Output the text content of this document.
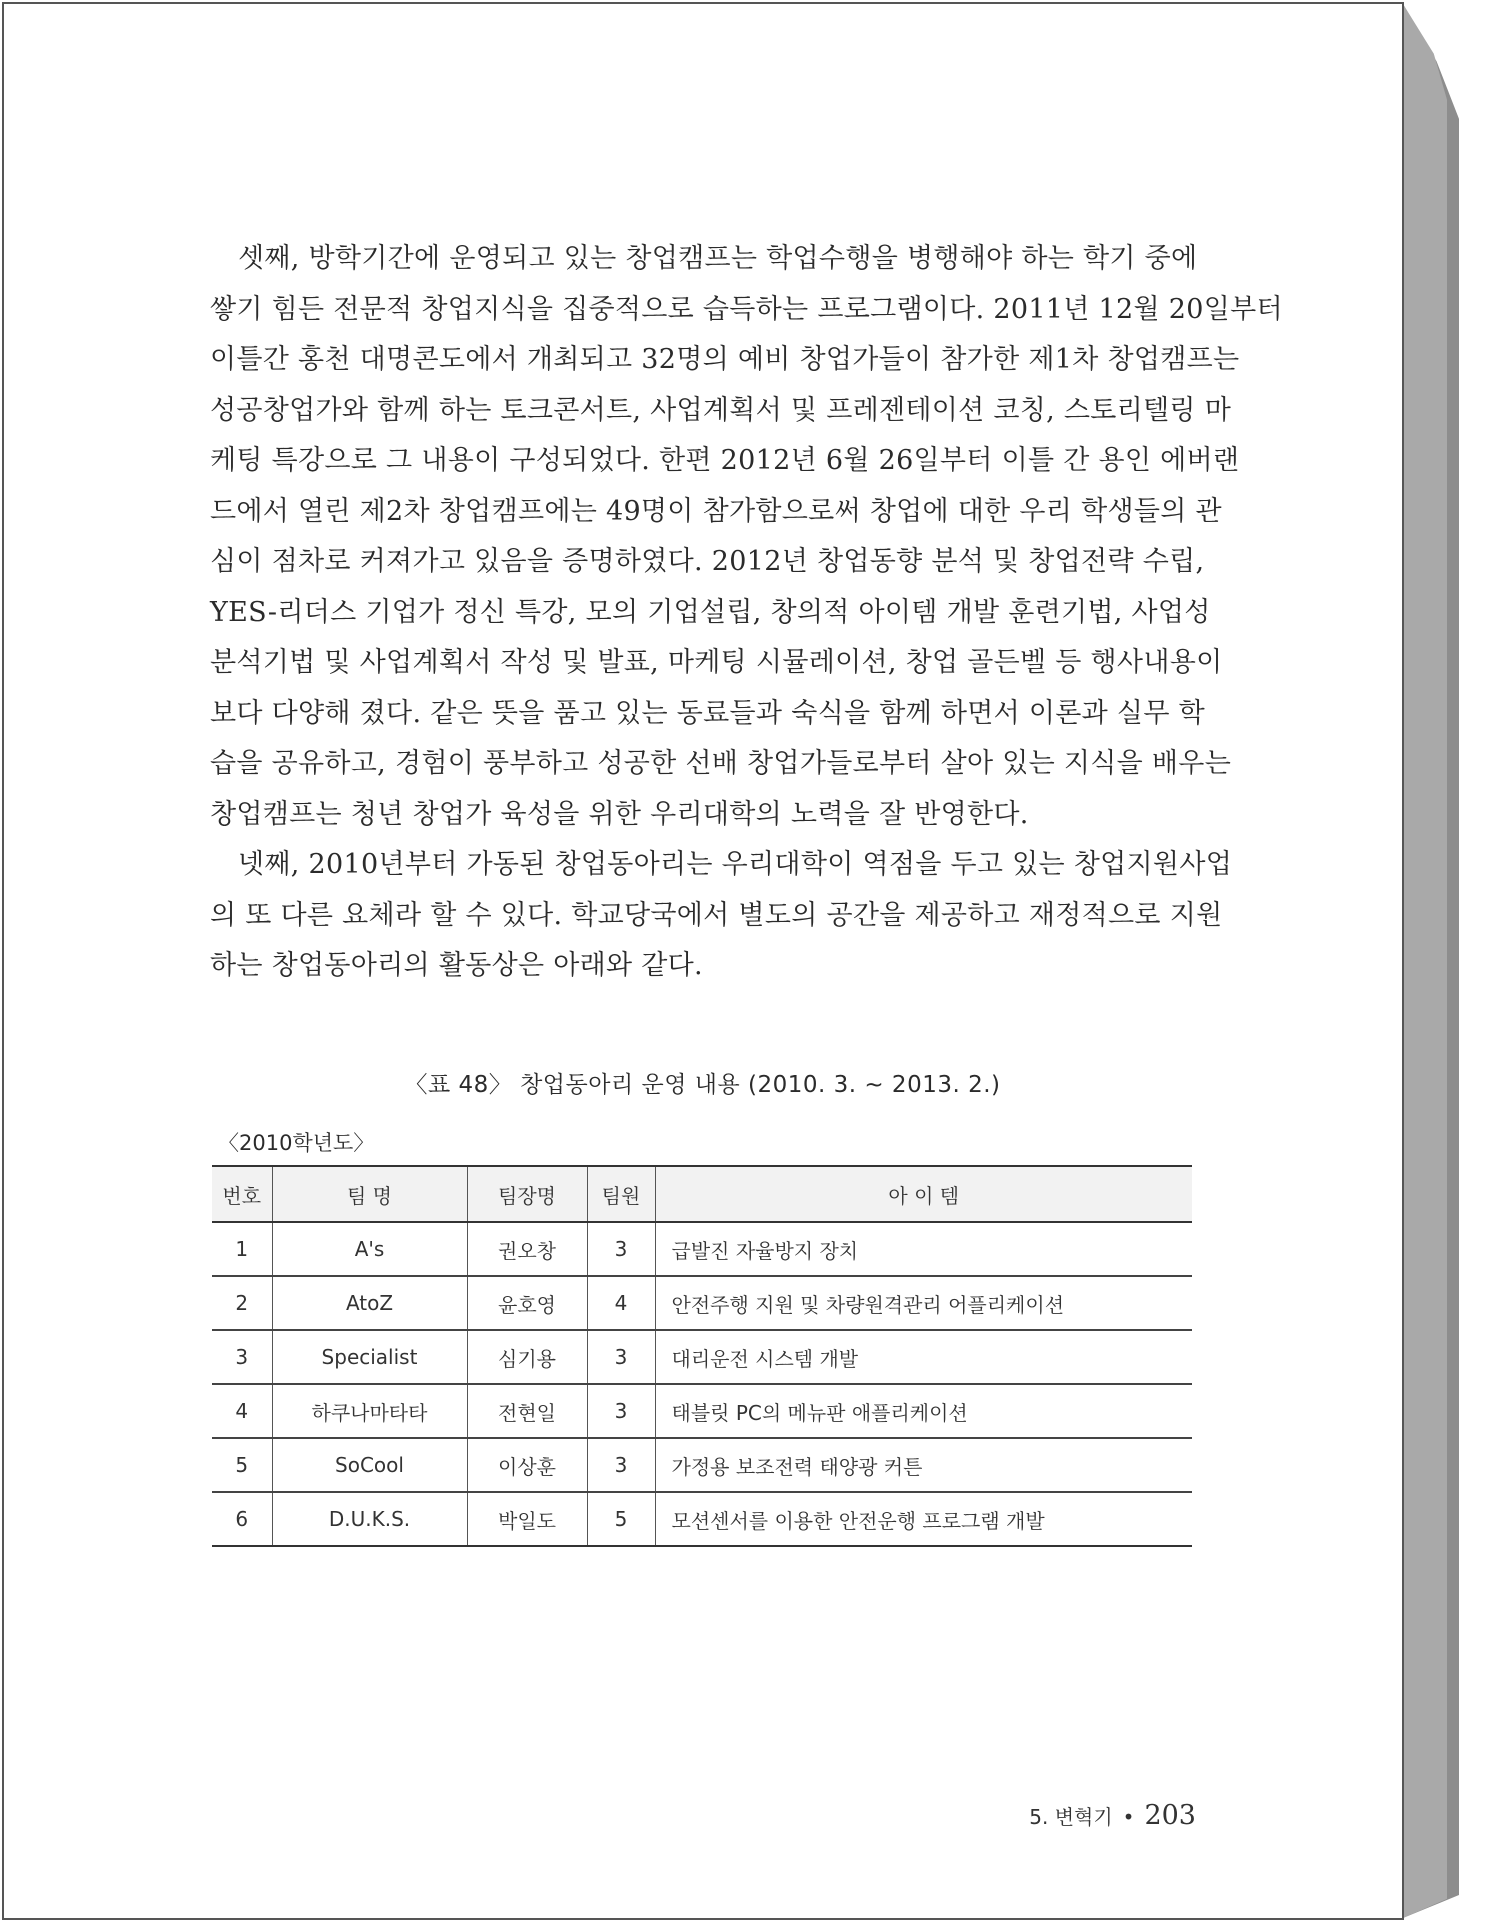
셋째, 방학기간에 운영되고 있는 창업캠프는 학업수행을 병행해야 하는 학기 중에
쌓기 힘든 전문적 창업지식을 집중적으로 습득하는 프로그램이다. 2011년 12월 20일부터
이틀간 홍천 대명콘도에서 개최되고 32명의 예비 창업가들이 참가한 제1차 창업캠프는
성공창업가와 함께 하는 토크콘서트, 사업계획서 및 프레젠테이션 코칭, 스토리텔링 마
케팅 특강으로 그 내용이 구성되었다. 한편 2012년 6월 26일부터 이틀 간 용인 에버랜
드에서 열린 제2차 창업캠프에는 49명이 참가함으로써 창업에 대한 우리 학생들의 관
심이 점차로 커져가고 있음을 증명하였다. 2012년 창업동향 분석 및 창업전략 수립,
YES-리더스 기업가 정신 특강, 모의 기업설립, 창의적 아이템 개발 훈련기법, 사업성
분석기법 및 사업계획서 작성 및 발표, 마케팅 시뮬레이션, 창업 골든벨 등 행사내용이
보다 다양해 졌다. 같은 뜻을 품고 있는 동료들과 숙식을 함께 하면서 이론과 실무 학
습을 공유하고, 경험이 풍부하고 성공한 선배 창업가들로부터 살아 있는 지식을 배우는
창업캠프는 청년 창업가 육성을 위한 우리대학의 노력을 잘 반영한다.
넷째, 2010년부터 가동된 창업동아리는 우리대학이 역점을 두고 있는 창업지원사업
의 또 다른 요체라 할 수 있다. 학교당국에서 별도의 공간을 제공하고 재정적으로 지원
하는 창업동아리의 활동상은 아래와 같다.
〈표 48〉 창업동아리 운영 내용 (2010. 3. ~ 2013. 2.)
〈2010학년도〉
번호	팀 명	팀장명	팀원	아 이 템
1	A's	권오창	3	급발진 자율방지 장치
2	AtoZ	윤호영	4	안전주행 지원 및 차량원격관리 어플리케이션
3	Specialist	심기용	3	대리운전 시스템 개발
4	하쿠나마타타	전현일	3	태블릿 PC의 메뉴판 애플리케이션
5	SoCool	이상훈	3	가정용 보조전력 태양광 커튼
6	D.U.K.S.	박일도	5	모션센서를 이용한 안전운행 프로그램 개발
5. 변혁기 • 203
